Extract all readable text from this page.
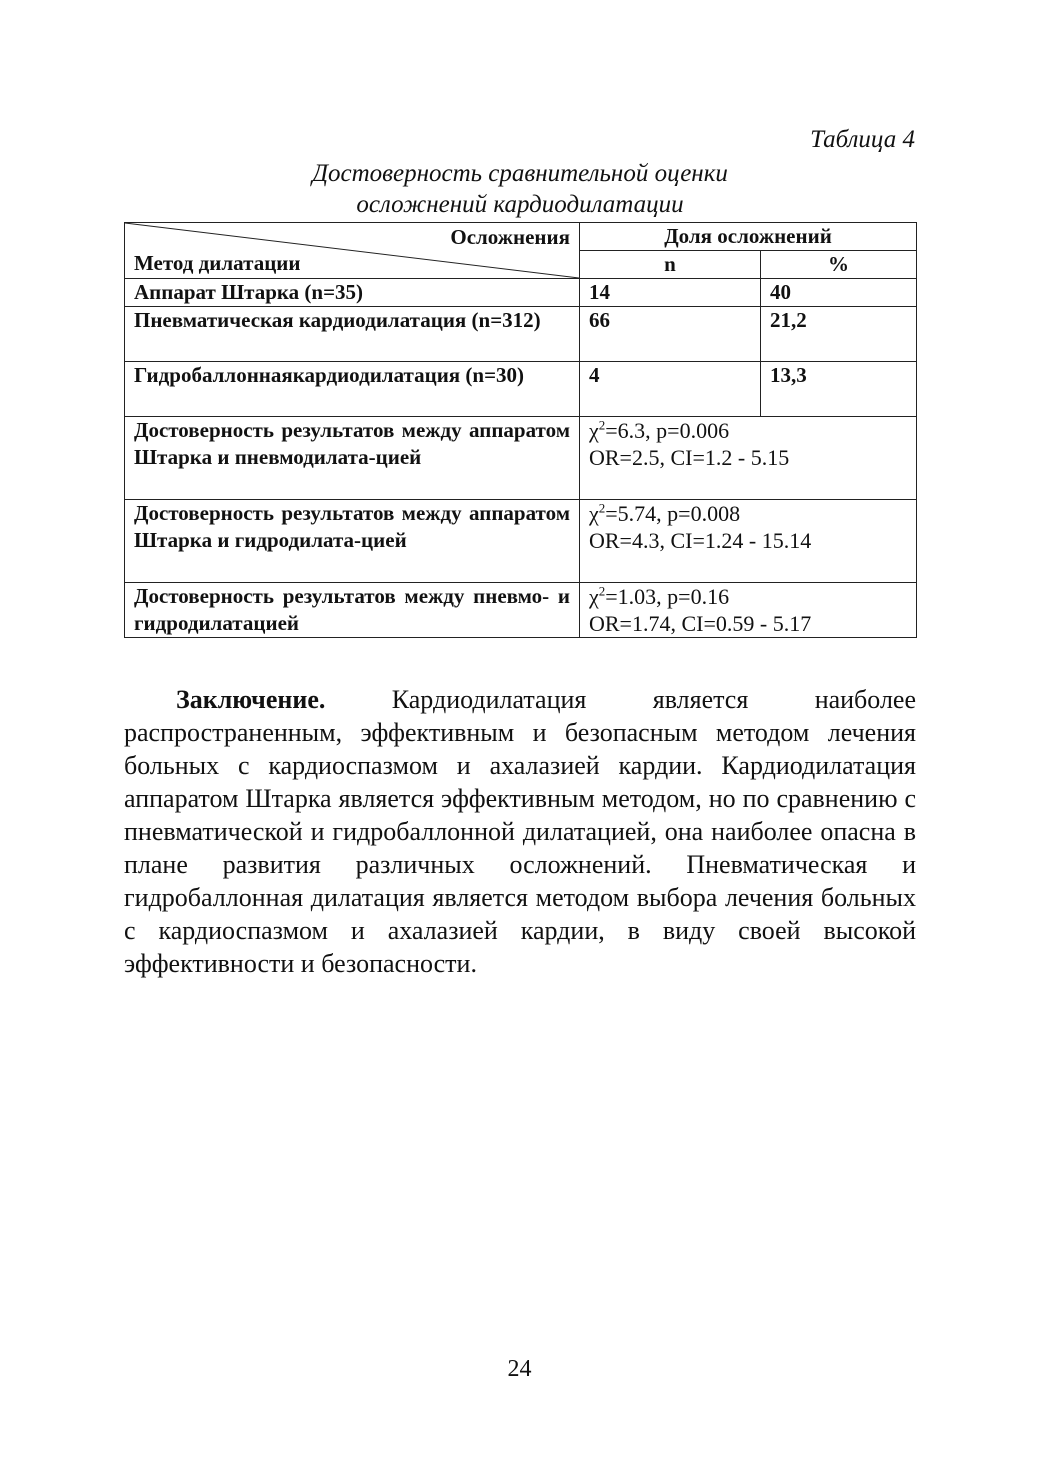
Таблица 4
Достоверность сравнительной оценки
осложнений кардиодилатации
Осложнения
Метод дилатации	Доля осложнений	
	n	%
Аппарат Штарка (n=35)	14	40
Пневматическая кардиодилатация (n=312)	66	21,2
Гидробаллоннаякардиодилатация (n=30)	4	13,3
Достоверность результатов между аппаратом Штарка и пневмодилата-цией	$\chi^2=6.3$, p=0.006
OR=2.5, CI=1.2 - 5.15	

Достоверность результатов между аппаратом Штарка и гидродилата-цией	$\chi^2=5.74$, p=0.008
OR=4.3, CI=1.24 - 15.14	

Достоверность результатов между пневмо- и гидродилатацией	$\chi^2=1.03$, p=0.16
OR=1.74, CI=0.59 - 5.17	

Заключение. Кардиодилатация является наиболее распространенным, эффективным и безопасным методом лечения больных с кардиоспазмом и ахалазией кардии. Кардиодилатация аппаратом Штарка является эффективным методом, но по сравнению с пневматической и гидробаллонной дилатацией, она наиболее опасна в плане развития различных осложнений. Пневматическая и гидробаллонная дилатация является методом выбора лечения больных с кардиоспазмом и ахалазией кардии, в виду своей высокой эффективности и безопасности.

24
